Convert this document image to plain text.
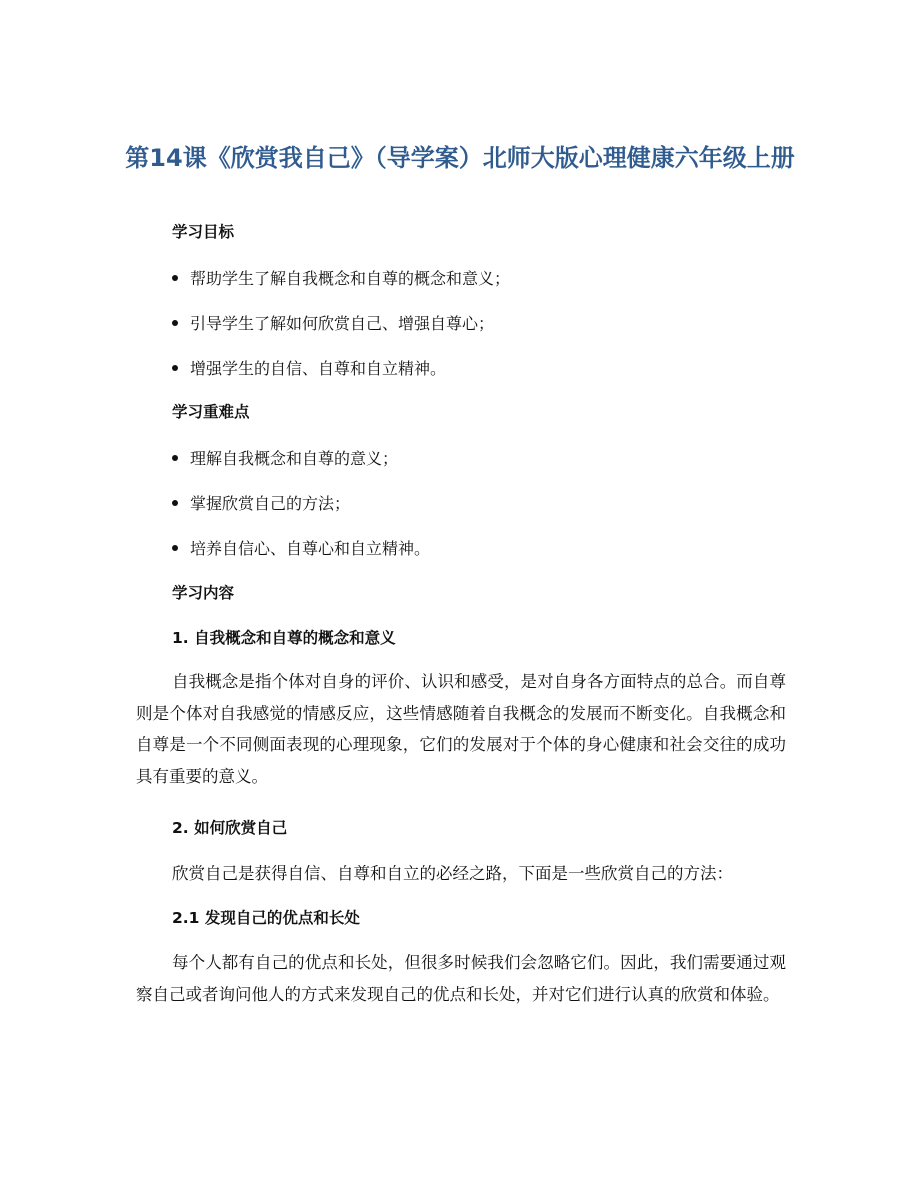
第14课《欣赏我自己》（导学案）北师大版心理健康六年级上册
学习目标

帮助学生了解自我概念和自尊的概念和意义；

引导学生了解如何欣赏自己、增强自尊心；

增强学生的自信、自尊和自立精神。

学习重难点

理解自我概念和自尊的意义；

掌握欣赏自己的方法；

培养自信心、自尊心和自立精神。

学习内容
1. 自我概念和自尊的概念和意义

自我概念是指个体对自身的评价、认识和感受，是对自身各方面特点的总合。而自尊则是个体对自我感觉的情感反应，这些情感随着自我概念的发展而不断变化。自我概念和自尊是一个不同侧面表现的心理现象，它们的发展对于个体的身心健康和社会交往的成功具有重要的意义。

2. 如何欣赏自己

欣赏自己是获得自信、自尊和自立的必经之路，下面是一些欣赏自己的方法：

2.1 发现自己的优点和长处

每个人都有自己的优点和长处，但很多时候我们会忽略它们。因此，我们需要通过观察自己或者询问他人的方式来发现自己的优点和长处，并对它们进行认真的欣赏和体验。
